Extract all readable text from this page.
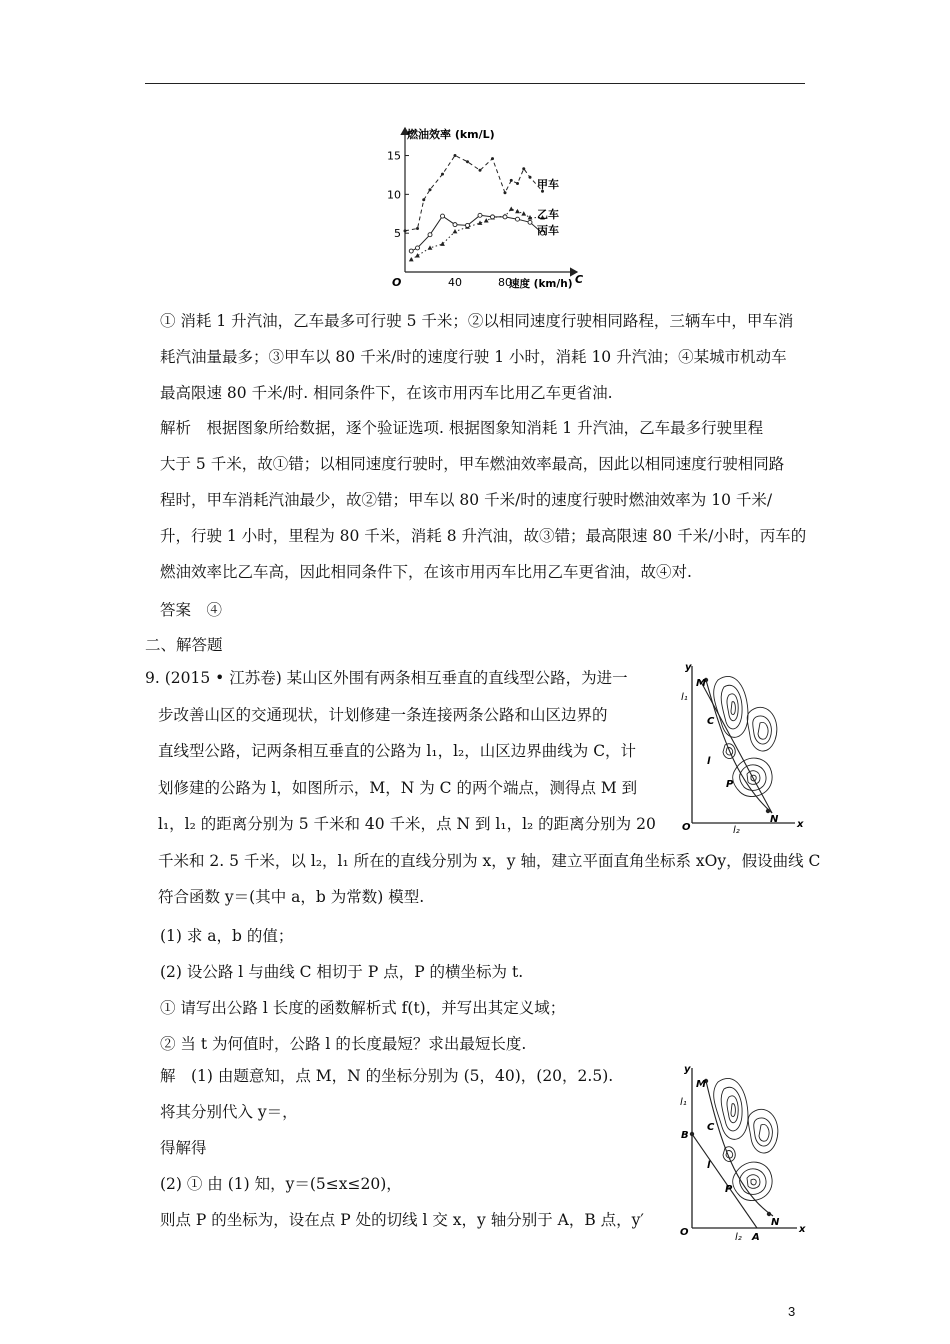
燃油效率 (km/L)
O	C
速度 (km/h)
5
10
15
40	80
甲车
乙车
丙车

① 消耗 1 升汽油，乙车最多可行驶 5 千米；②以相同速度行驶相同路程，三辆车中，甲车消

耗汽油量最多；③甲车以 80 千米/时的速度行驶 1 小时，消耗 10 升汽油；④某城市机动车

最高限速 80 千米/时. 相同条件下，在该市用丙车比用乙车更省油.

解析　根据图象所给数据，逐个验证选项. 根据图象知消耗 1 升汽油，乙车最多行驶里程

大于 5 千米，故①错；以相同速度行驶时，甲车燃油效率最高，因此以相同速度行驶相同路

程时，甲车消耗汽油最少，故②错；甲车以 80 千米/时的速度行驶时燃油效率为 10 千米/

升，行驶 1 小时，里程为 80 千米，消耗 8 升汽油，故③错；最高限速 80 千米/小时，丙车的

燃油效率比乙车高，因此相同条件下，在该市用丙车比用乙车更省油，故④对.

答案　④
二、解答题

9. (2015 • 江苏卷) 某山区外围有两条相互垂直的直线型公路，为进一

步改善山区的交通现状，计划修建一条连接两条公路和山区边界的

直线型公路，记两条相互垂直的公路为 l₁，l₂，山区边界曲线为 C，计

划修建的公路为 l，如图所示，M，N 为 C 的两个端点，测得点 M 到

l₁，l₂ 的距离分别为 5 千米和 40 千米，点 N 到 l₁，l₂ 的距离分别为 20

千米和 2. 5 千米，以 l₂，l₁ 所在的直线分别为 x，y 轴，建立平面直角坐标系 xOy，假设曲线 C

符合函数 y＝(其中 a，b 为常数) 模型.

(1) 求 a，b 的值；

(2) 设公路 l 与曲线 C 相切于 P 点，P 的横坐标为 t.

① 请写出公路 l 长度的函数解析式 f(t)，并写出其定义域；

② 当 t 为何值时，公路 l 的长度最短？求出最短长度.

解　(1) 由题意知，点 M，N 的坐标分别为 (5，40)，(20，2.5).

将其分别代入 y＝，

得解得

(2) ① 由 (1) 知，y＝(5≤x≤20)，

则点 P 的坐标为，设在点 P 处的切线 l 交 x，y 轴分别于 A，B 点，y′

y
x
O
l₁
l₂
M
N
C
l
P
y
x
O
l₁
l₂
B
A
M
N
C
l
P
3
